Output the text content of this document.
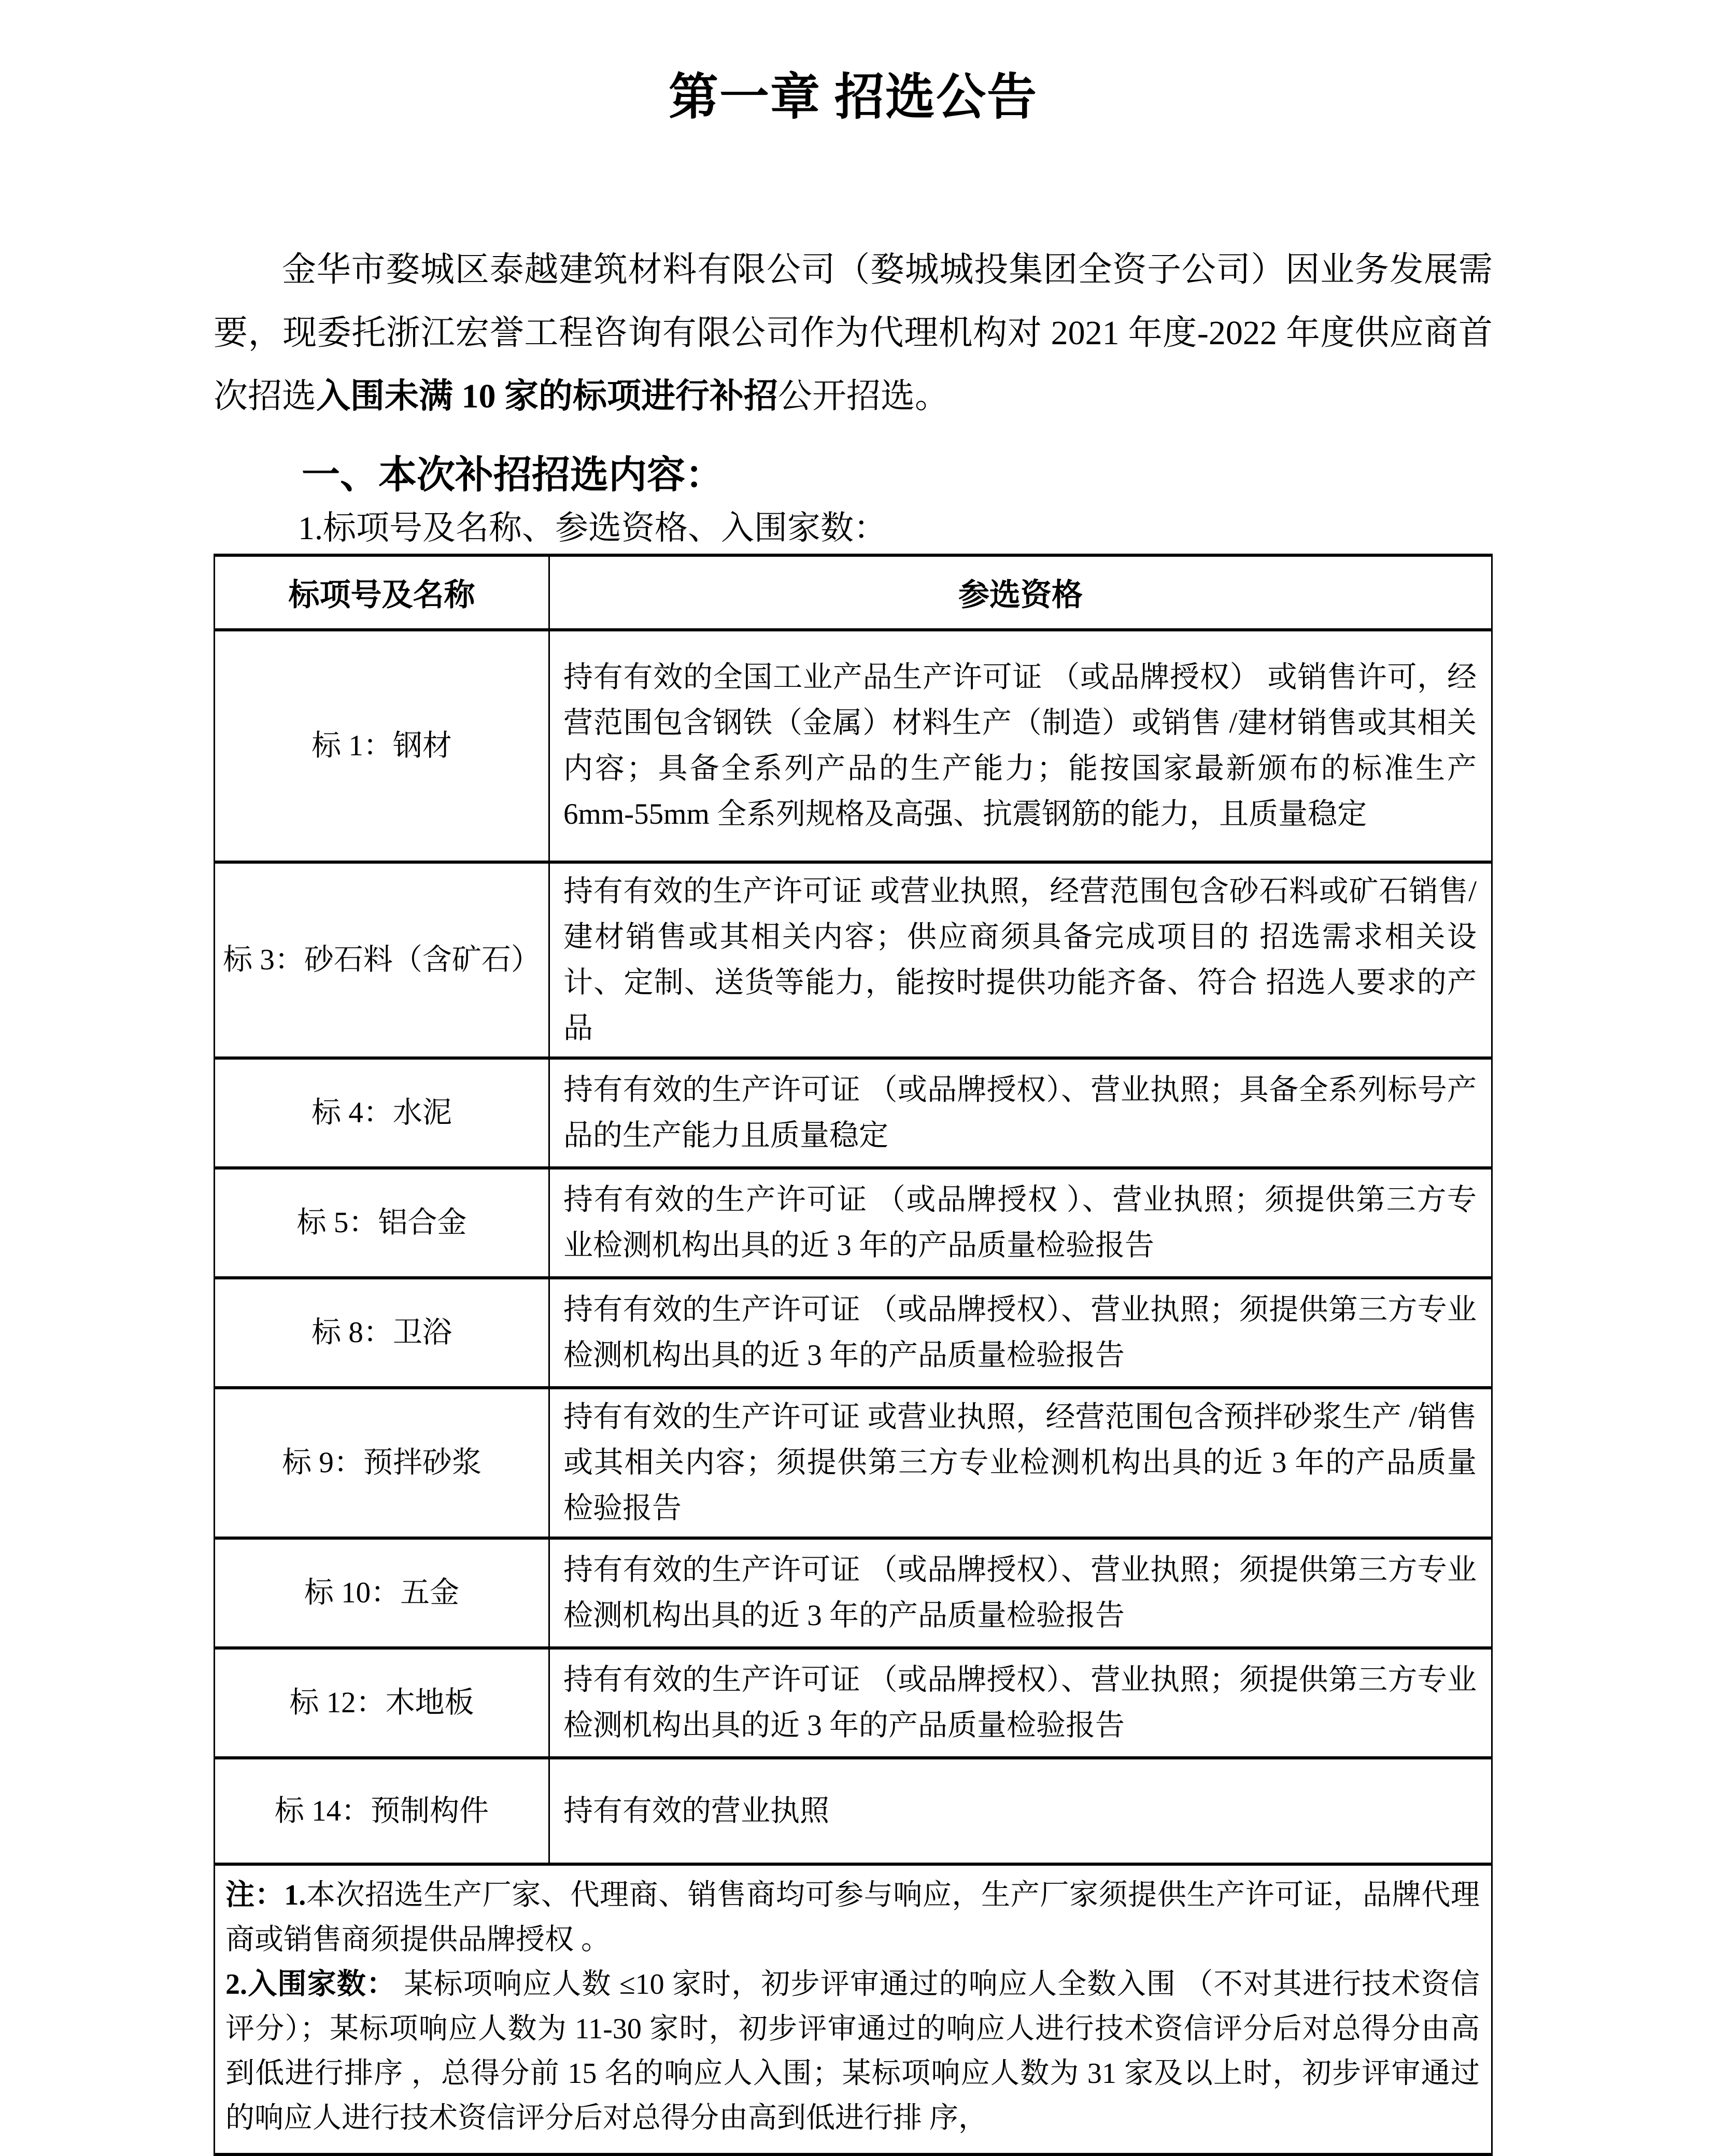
第一章 招选公告

金华市婺城区泰越建筑材料有限公司（婺城城投集团全资子公司）因业务发展需要，现委托浙江宏誉工程咨询有限公司作为代理机构对 2021 年度-2022 年度供应商首次招选入围未满 10 家的标项进行补招公开招选。

一、本次补招招选内容：
1.标项号及名称、参选资格、入围家数：
标项号及名称	参选资格
标 1：钢材	持有有效的全国工业产品生产许可证 （或品牌授权） 或销售许可，经营范围包含钢铁（金属）材料生产（制造）或销售 /建材销售或其相关内容；具备全系列产品的生产能力；能按国家最新颁布的标准生产 6mm-55mm 全系列规格及高强、抗震钢筋的能力，且质量稳定
标 3：砂石料（含矿石）	持有有效的生产许可证 或营业执照，经营范围包含砂石料或矿石销售/建材销售或其相关内容；供应商须具备完成项目的 招选需求相关设计、定制、送货等能力，能按时提供功能齐备、符合 招选人要求的产品
标 4：水泥	持有有效的生产许可证 （或品牌授权）、营业执照；具备全系列标号产品的生产能力且质量稳定
标 5：铝合金	持有有效的生产许可证 （或品牌授权 ）、营业执照；须提供第三方专业检测机构出具的近 3 年的产品质量检验报告
标 8：卫浴	持有有效的生产许可证 （或品牌授权）、营业执照；须提供第三方专业检测机构出具的近 3 年的产品质量检验报告
标 9：预拌砂浆	持有有效的生产许可证 或营业执照，经营范围包含预拌砂浆生产 /销售或其相关内容；须提供第三方专业检测机构出具的近 3 年的产品质量检验报告
标 10：五金	持有有效的生产许可证 （或品牌授权）、营业执照；须提供第三方专业检测机构出具的近 3 年的产品质量检验报告
标 12：木地板	持有有效的生产许可证 （或品牌授权）、营业执照；须提供第三方专业检测机构出具的近 3 年的产品质量检验报告
标 14：预制构件	持有有效的营业执照

注：1.本次招选生产厂家、代理商、销售商均可参与响应，生产厂家须提供生产许可证，品牌代理商或销售商须提供品牌授权 。

2.入围家数： 某标项响应人数 ≤10 家时，初步评审通过的响应人全数入围 （不对其进行技术资信评分）；某标项响应人数为 11-30 家时，初步评审通过的响应人进行技术资信评分后对总得分由高到低进行排序 ，总得分前 15 名的响应人入围；某标项响应人数为 31 家及以上时，初步评审通过的响应人进行技术资信评分后对总得分由高到低进行排 序，	
